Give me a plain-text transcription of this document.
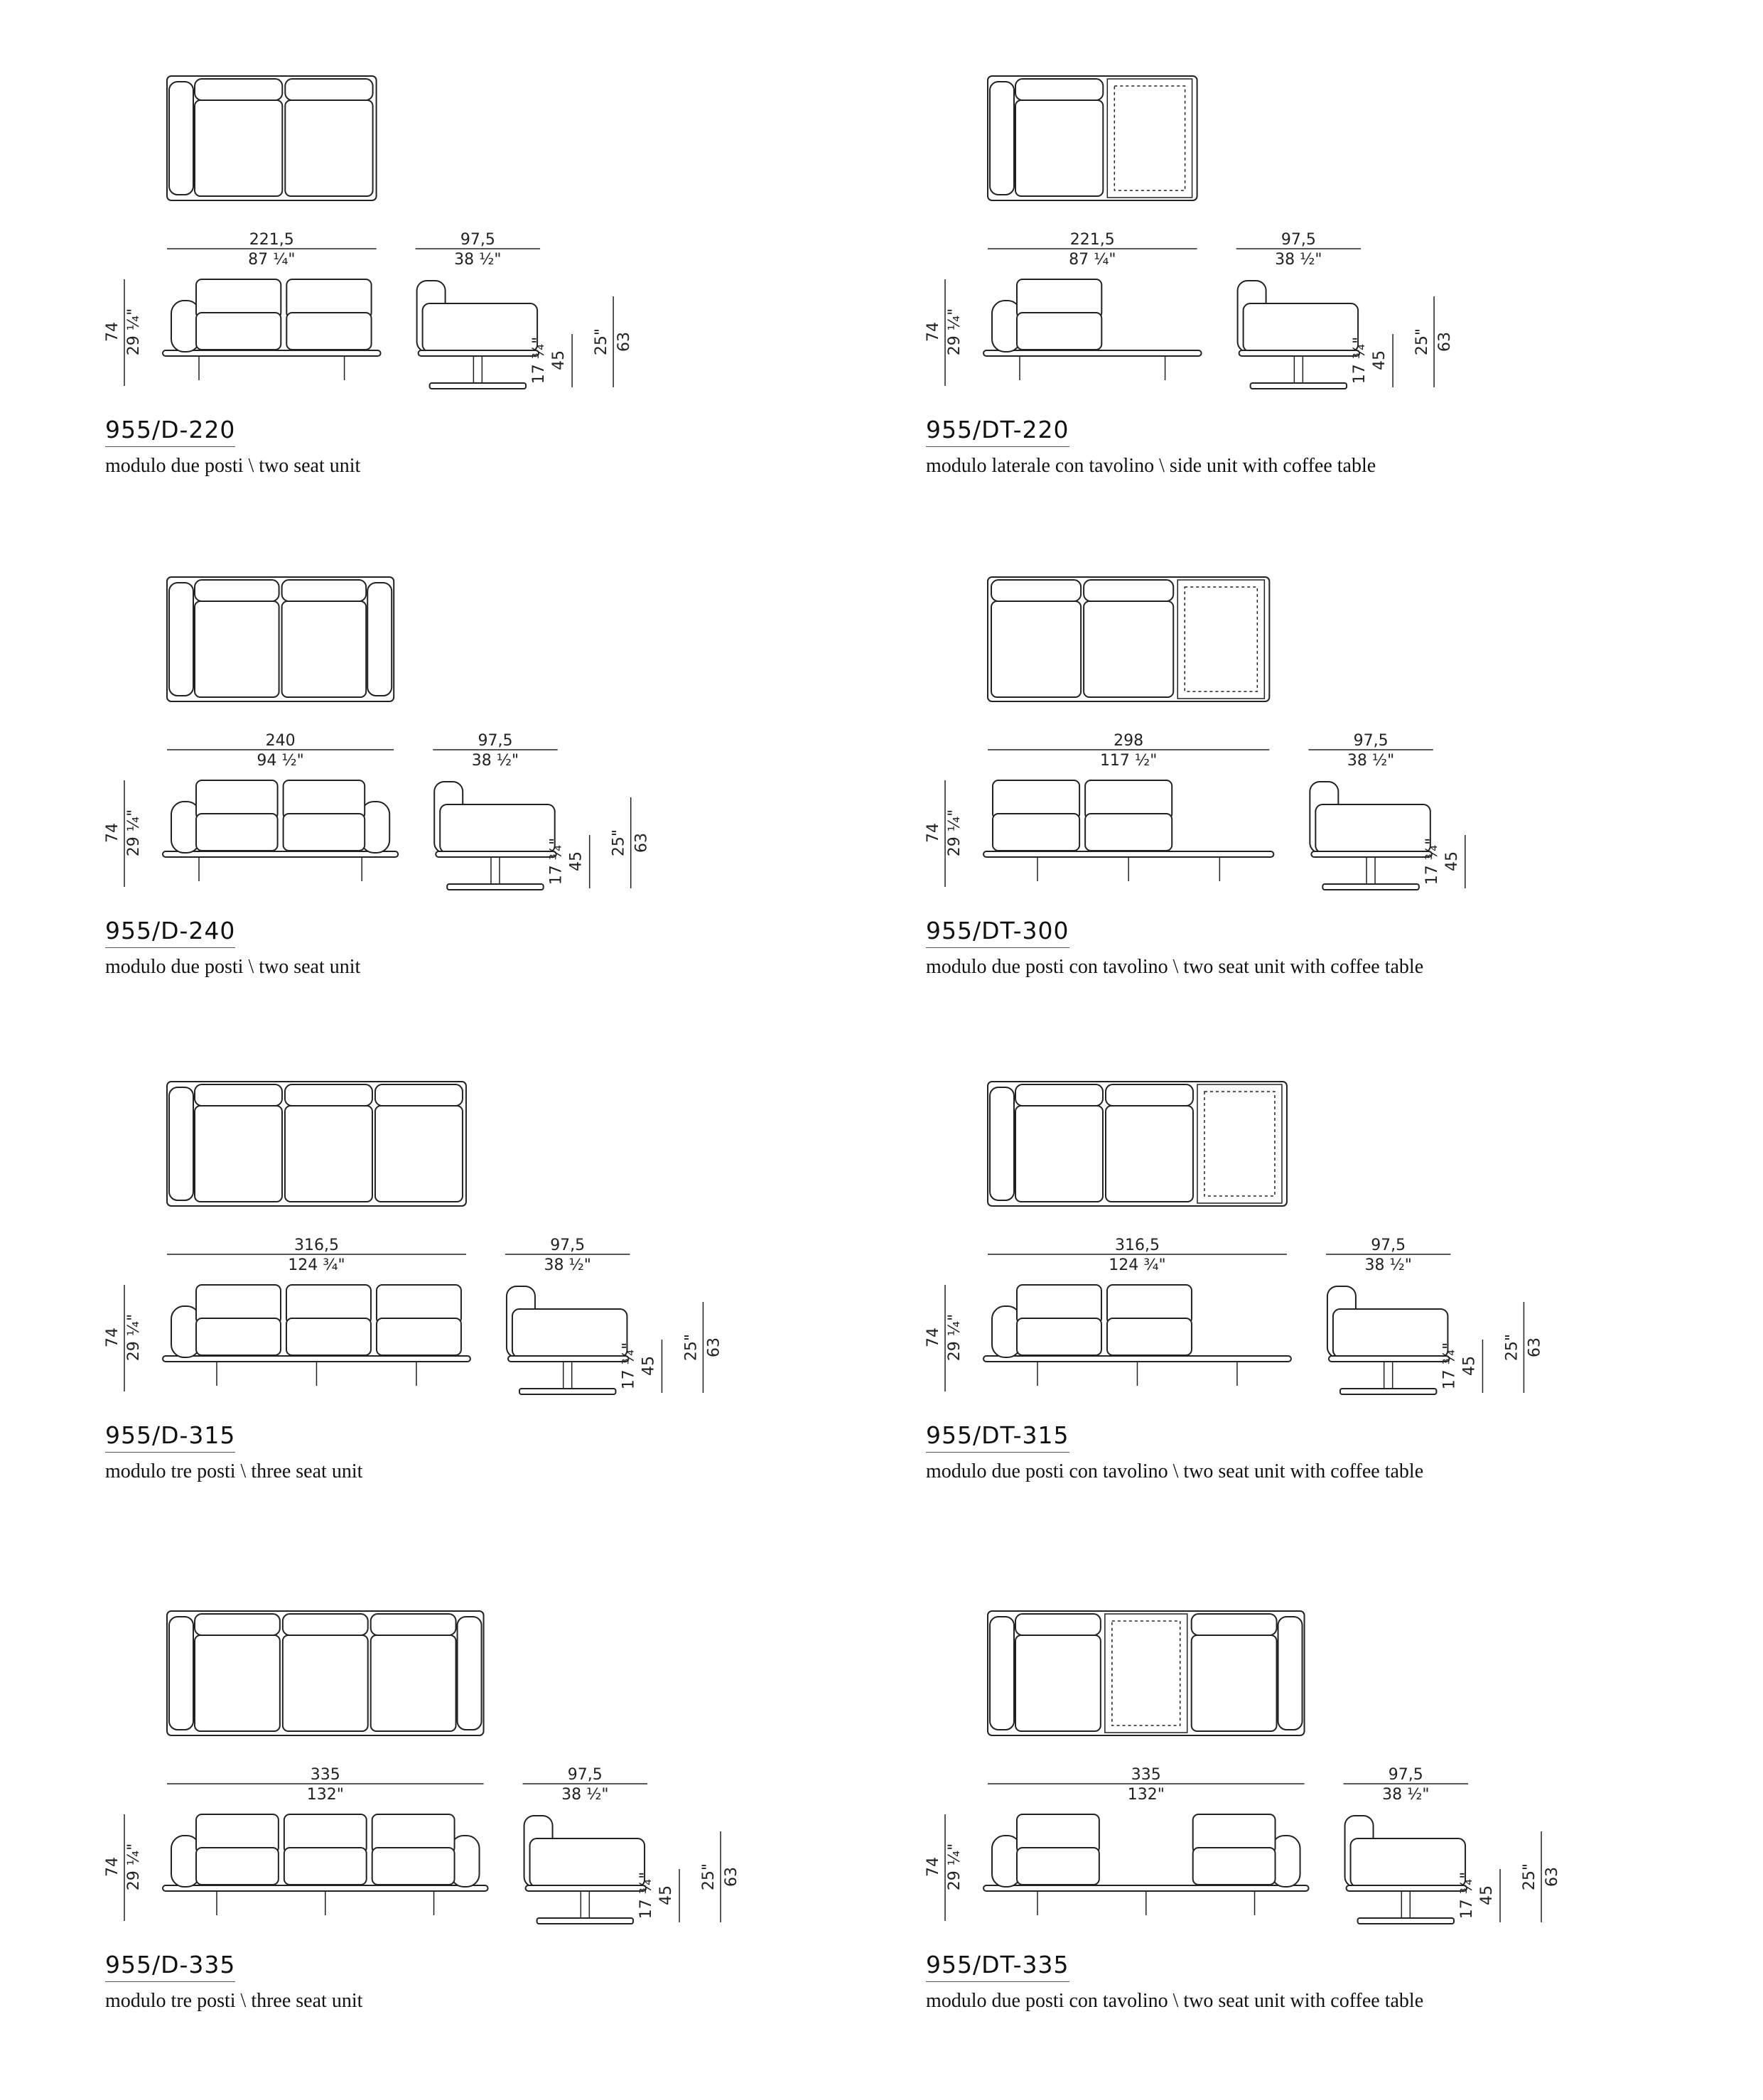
221,5
87 ¼"
74 29 ¼"
97,5
38 ½"
45
17 ¾"	63
25"
955/D-220
modulo due posti \ two seat unit
221,5
87 ¼"
74 29 ¼"
97,5
38 ½"
45
17 ¾"	63
25"
955/DT-220
modulo laterale con tavolino \ side unit with coffee table
240
94 ½"
74 29 ¼"
97,5
38 ½"
45
17 ¾"	63
25"
955/D-240
modulo due posti \ two seat unit
298
117 ½"
74 29 ¼"
97,5
38 ½"
45
17 ¾"
955/DT-300
modulo due posti con tavolino \ two seat unit with coffee table
316,5
124 ¾"
74 29 ¼"
97,5
38 ½"
45
17 ¾"	63
25"
955/D-315
modulo tre posti \ three seat unit
316,5
124 ¾"
74 29 ¼"
97,5
38 ½"
45
17 ¾"	63
25"
955/DT-315
modulo due posti con tavolino \ two seat unit with coffee table
335
132"
74 29 ¼"
97,5
38 ½"
45
17 ¾"	63
25"
955/D-335
modulo tre posti \ three seat unit
335
132"
74 29 ¼"
97,5
38 ½"
45
17 ¾"	63
25"
955/DT-335
modulo due posti con tavolino \ two seat unit with coffee table
